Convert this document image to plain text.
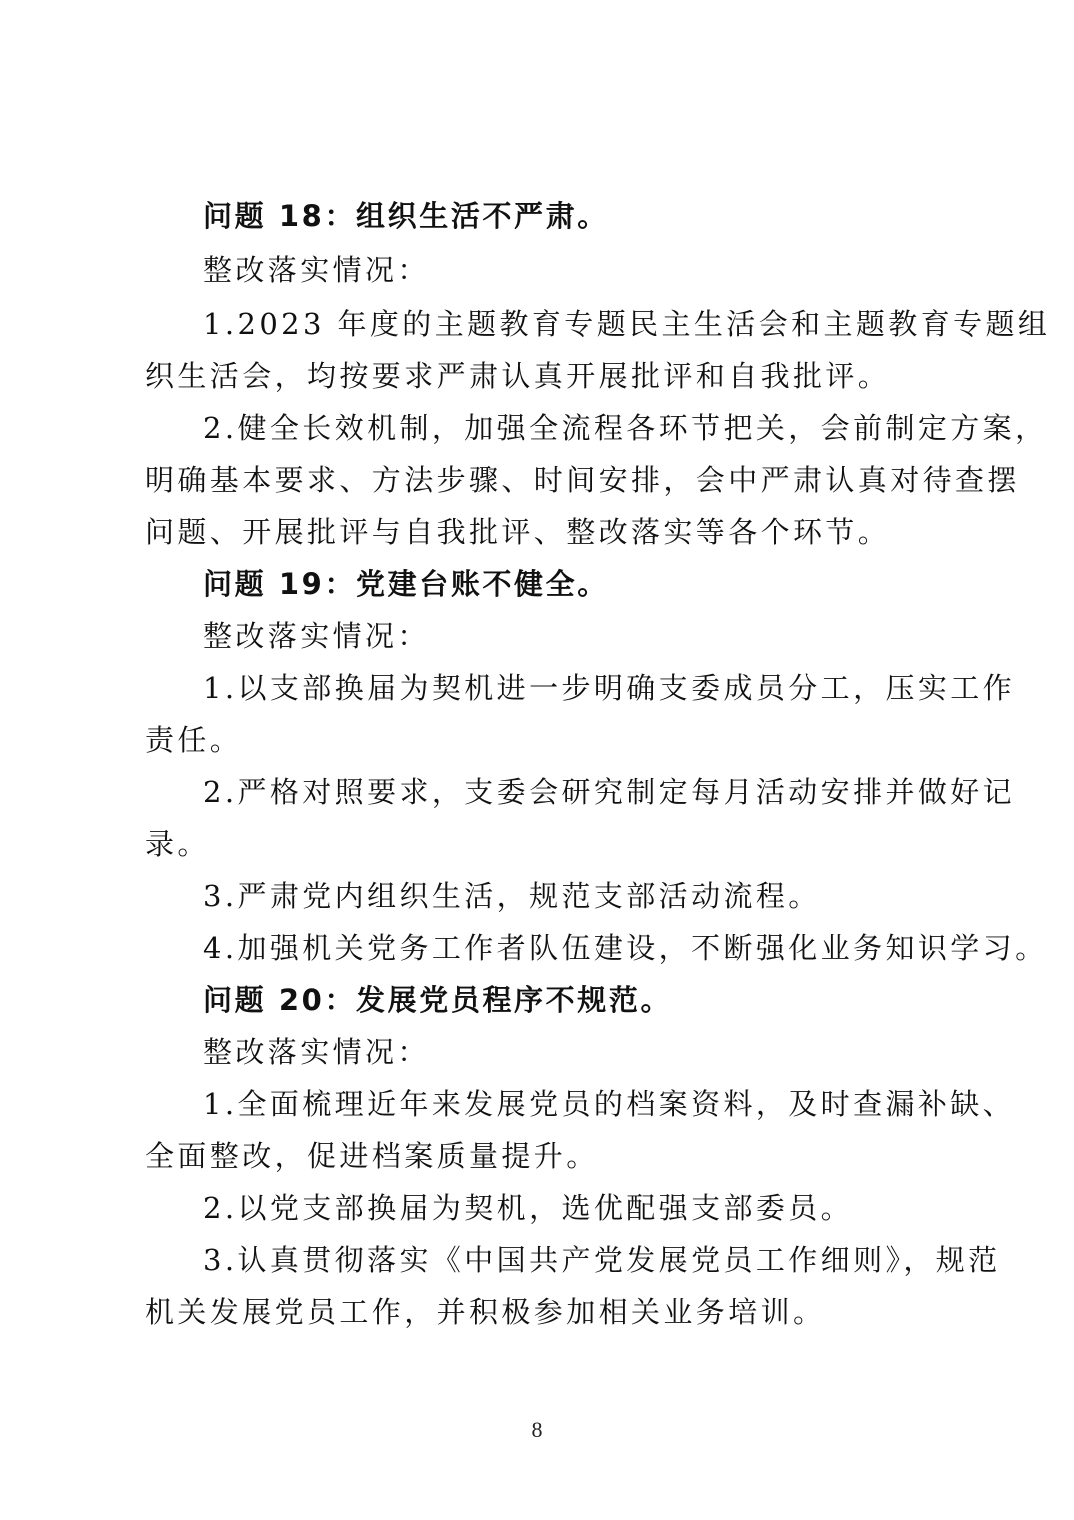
问题 18：组织生活不严肃。
整改落实情况：
1.2023 年度的主题教育专题民主生活会和主题教育专题组
织生活会，均按要求严肃认真开展批评和自我批评。
2.健全长效机制，加强全流程各环节把关，会前制定方案，
明确基本要求、方法步骤、时间安排，会中严肃认真对待查摆
问题、开展批评与自我批评、整改落实等各个环节。
问题 19：党建台账不健全。
整改落实情况：
1.以支部换届为契机进一步明确支委成员分工，压实工作
责任。
2.严格对照要求，支委会研究制定每月活动安排并做好记
录。
3.严肃党内组织生活，规范支部活动流程。
4.加强机关党务工作者队伍建设，不断强化业务知识学习。
问题 20：发展党员程序不规范。
整改落实情况：
1.全面梳理近年来发展党员的档案资料，及时查漏补缺、
全面整改，促进档案质量提升。
2.以党支部换届为契机，选优配强支部委员。
3.认真贯彻落实《中国共产党发展党员工作细则》，规范
机关发展党员工作，并积极参加相关业务培训。
8
